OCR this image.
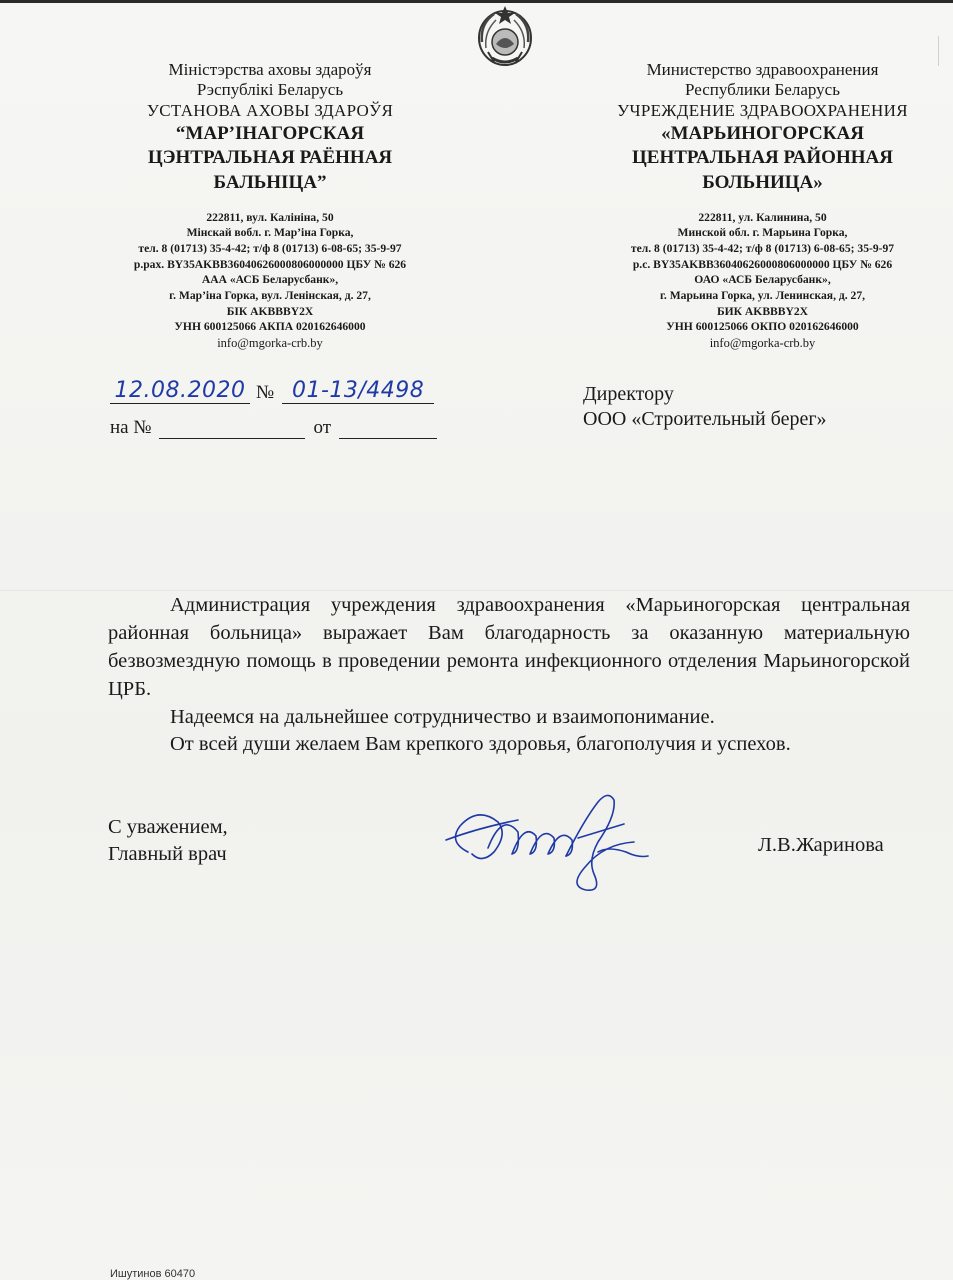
Міністэрства аховы здароўя
Рэспублікі Беларусь
УСТАНОВА АХОВЫ ЗДАРОЎЯ
“МАР’ІНАГОРСКАЯ
ЦЭНТРАЛЬНАЯ РАЁННАЯ
БАЛЬНІЦА”
222811, вул. Калініна, 50
Мінскай вобл. г. Мар’іна Горка,
тел. 8 (01713) 35-4-42; т/ф 8 (01713) 6-08-65; 35-9-97
р.рах. BY35AKBB36040626000806000000 ЦБУ № 626
ААА «АСБ Беларусбанк»,
г. Мар’іна Горка, вул. Ленінская, д. 27,
БІК AKBBBY2X
УНН 600125066 АКПА 020162646000
info@mgorka-crb.by
Министерство здравоохранения
Республики Беларусь
УЧРЕЖДЕНИЕ ЗДРАВООХРАНЕНИЯ
«МАРЬИНОГОРСКАЯ
ЦЕНТРАЛЬНАЯ РАЙОННАЯ
БОЛЬНИЦА»
222811, ул. Калинина, 50
Минской обл. г. Марьина Горка,
тел. 8 (01713) 35-4-42; т/ф 8 (01713) 6-08-65; 35-9-97
р.с. BY35AKBB36040626000806000000 ЦБУ № 626
ОАО «АСБ Беларусбанк»,
г. Марьина Горка, ул. Ленинская, д. 27,
БИК AKBBBY2X
УНН 600125066 ОКПО 020162646000
info@mgorka-crb.by
12.08.2020 № 01-13/4498
на №	от
Директору
ООО «Строительный берег»

Администрация учреждения здравоохранения «Марьиногорская центральная районная больница» выражает Вам благодарность за оказанную материальную безвозмездную помощь в проведении ремонта инфекционного отделения Марьиногорской ЦРБ.

Надеемся на дальнейшее сотрудничество и взаимопонимание.

От всей души желаем Вам крепкого здоровья, благополучия и успехов.

С уважением,
Главный врач	Л.В.Жаринова
Ишутинов 60470
